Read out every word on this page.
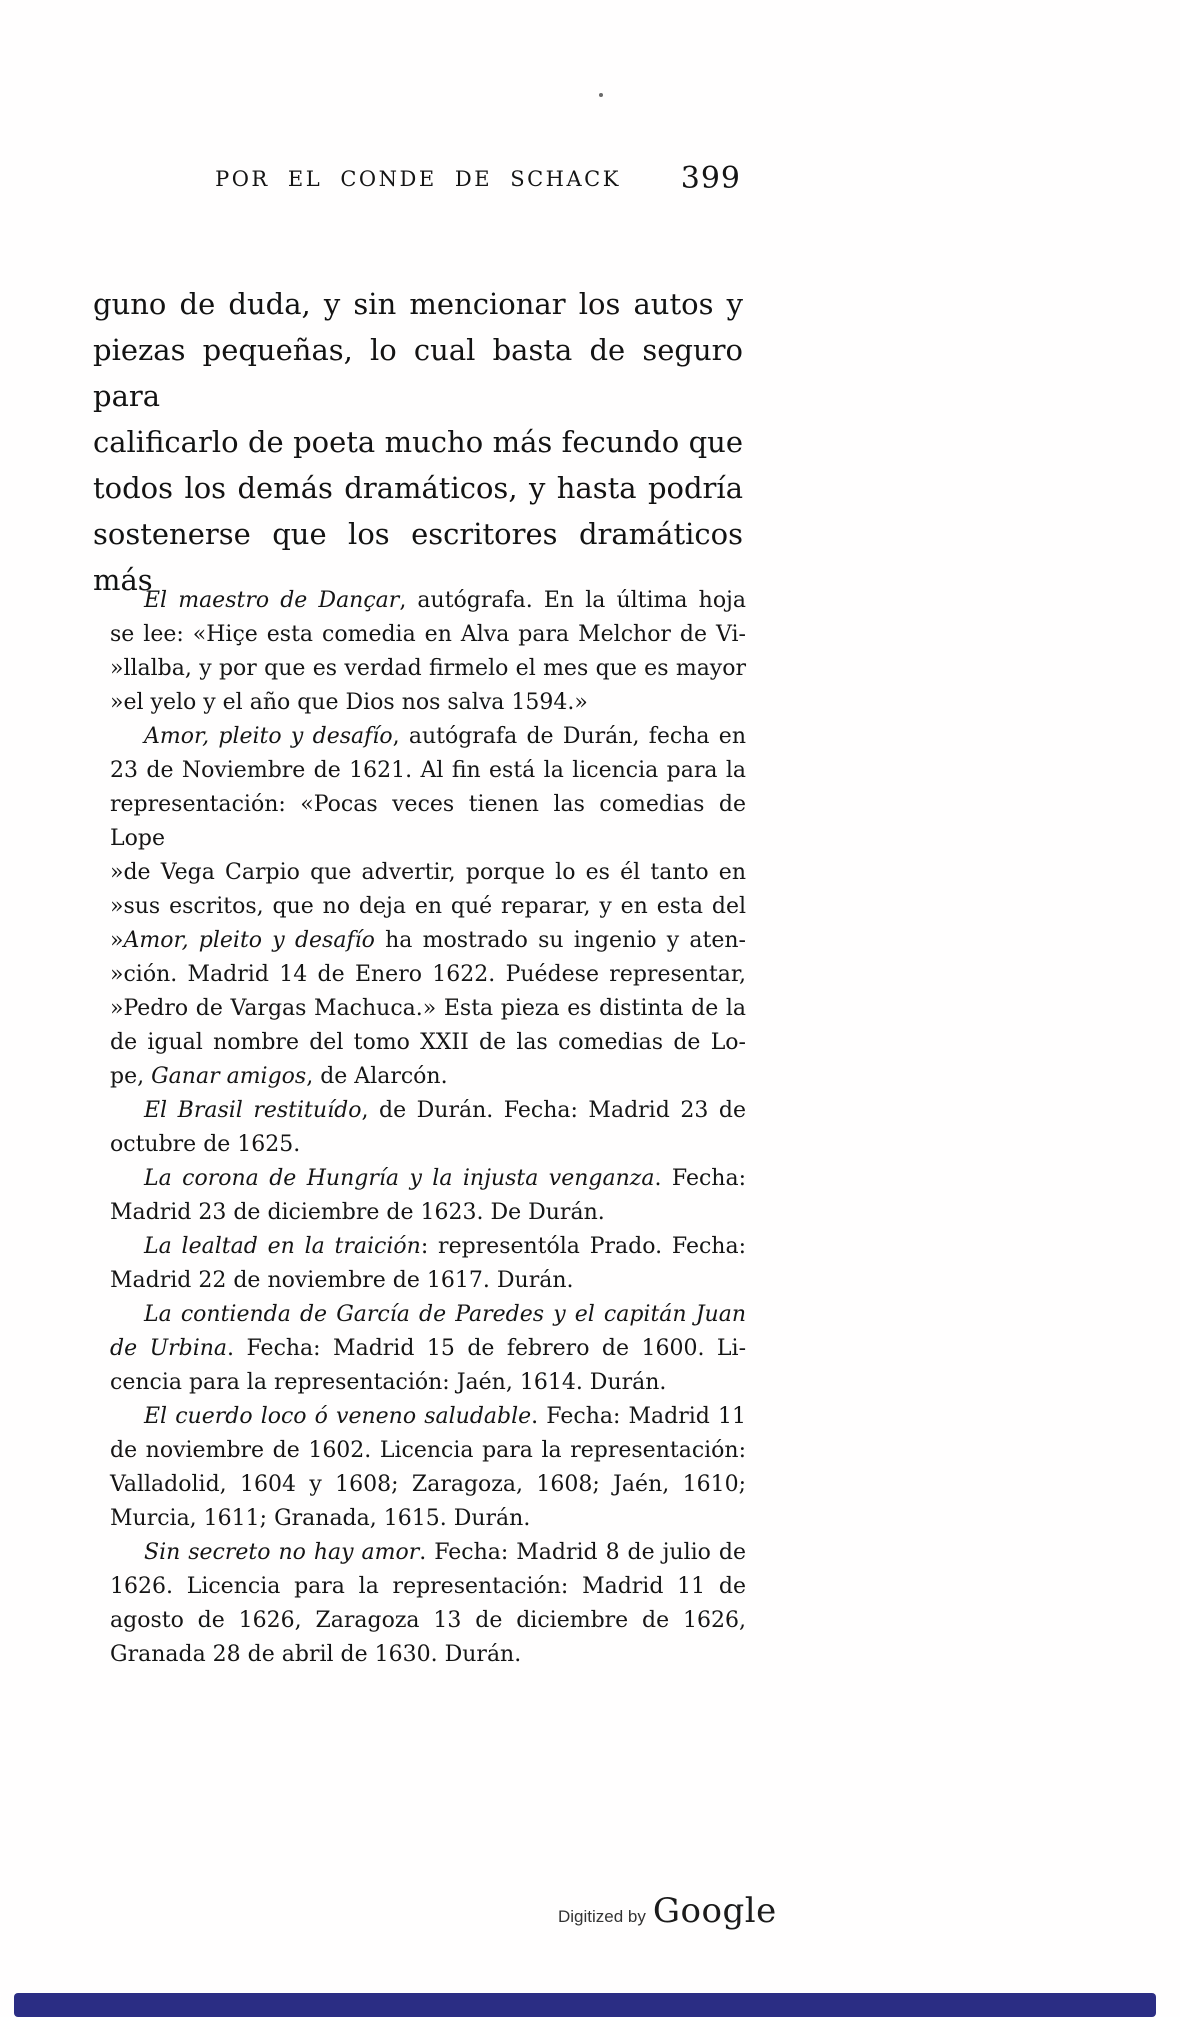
POR EL CONDE DE SCHACK	399
guno de duda, y sin mencionar los autos y
piezas pequeñas, lo cual basta de seguro para
calificarlo de poeta mucho más fecundo que
todos los demás dramáticos, y hasta podría
sostenerse que los escritores dramáticos más
El maestro de Dançar, autógrafa. En la última hoja
se lee: «Hiçe esta comedia en Alva para Melchor de Vi-
»llalba, y por que es verdad firmelo el mes que es mayor
»el yelo y el año que Dios nos salva 1594.»
Amor, pleito y desafío, autógrafa de Durán, fecha en
23 de Noviembre de 1621. Al fin está la licencia para la
representación: «Pocas veces tienen las comedias de Lope
»de Vega Carpio que advertir, porque lo es él tanto en
»sus escritos, que no deja en qué reparar, y en esta del
»Amor, pleito y desafío ha mostrado su ingenio y aten-
»ción. Madrid 14 de Enero 1622. Puédese representar,
»Pedro de Vargas Machuca.» Esta pieza es distinta de la
de igual nombre del tomo XXII de las comedias de Lo-
pe, Ganar amigos, de Alarcón.
El Brasil restituído, de Durán. Fecha: Madrid 23 de
octubre de 1625.
La corona de Hungría y la injusta venganza. Fecha:
Madrid 23 de diciembre de 1623. De Durán.
La lealtad en la traición: representóla Prado. Fecha:
Madrid 22 de noviembre de 1617. Durán.
La contienda de García de Paredes y el capitán Juan
de Urbina. Fecha: Madrid 15 de febrero de 1600. Li-
cencia para la representación: Jaén, 1614. Durán.
El cuerdo loco ó veneno saludable. Fecha: Madrid 11
de noviembre de 1602. Licencia para la representación:
Valladolid, 1604 y 1608; Zaragoza, 1608; Jaén, 1610;
Murcia, 1611; Granada, 1615. Durán.
Sin secreto no hay amor. Fecha: Madrid 8 de julio de
1626. Licencia para la representación: Madrid 11 de
agosto de 1626, Zaragoza 13 de diciembre de 1626,
Granada 28 de abril de 1630. Durán.
Digitized by Google
